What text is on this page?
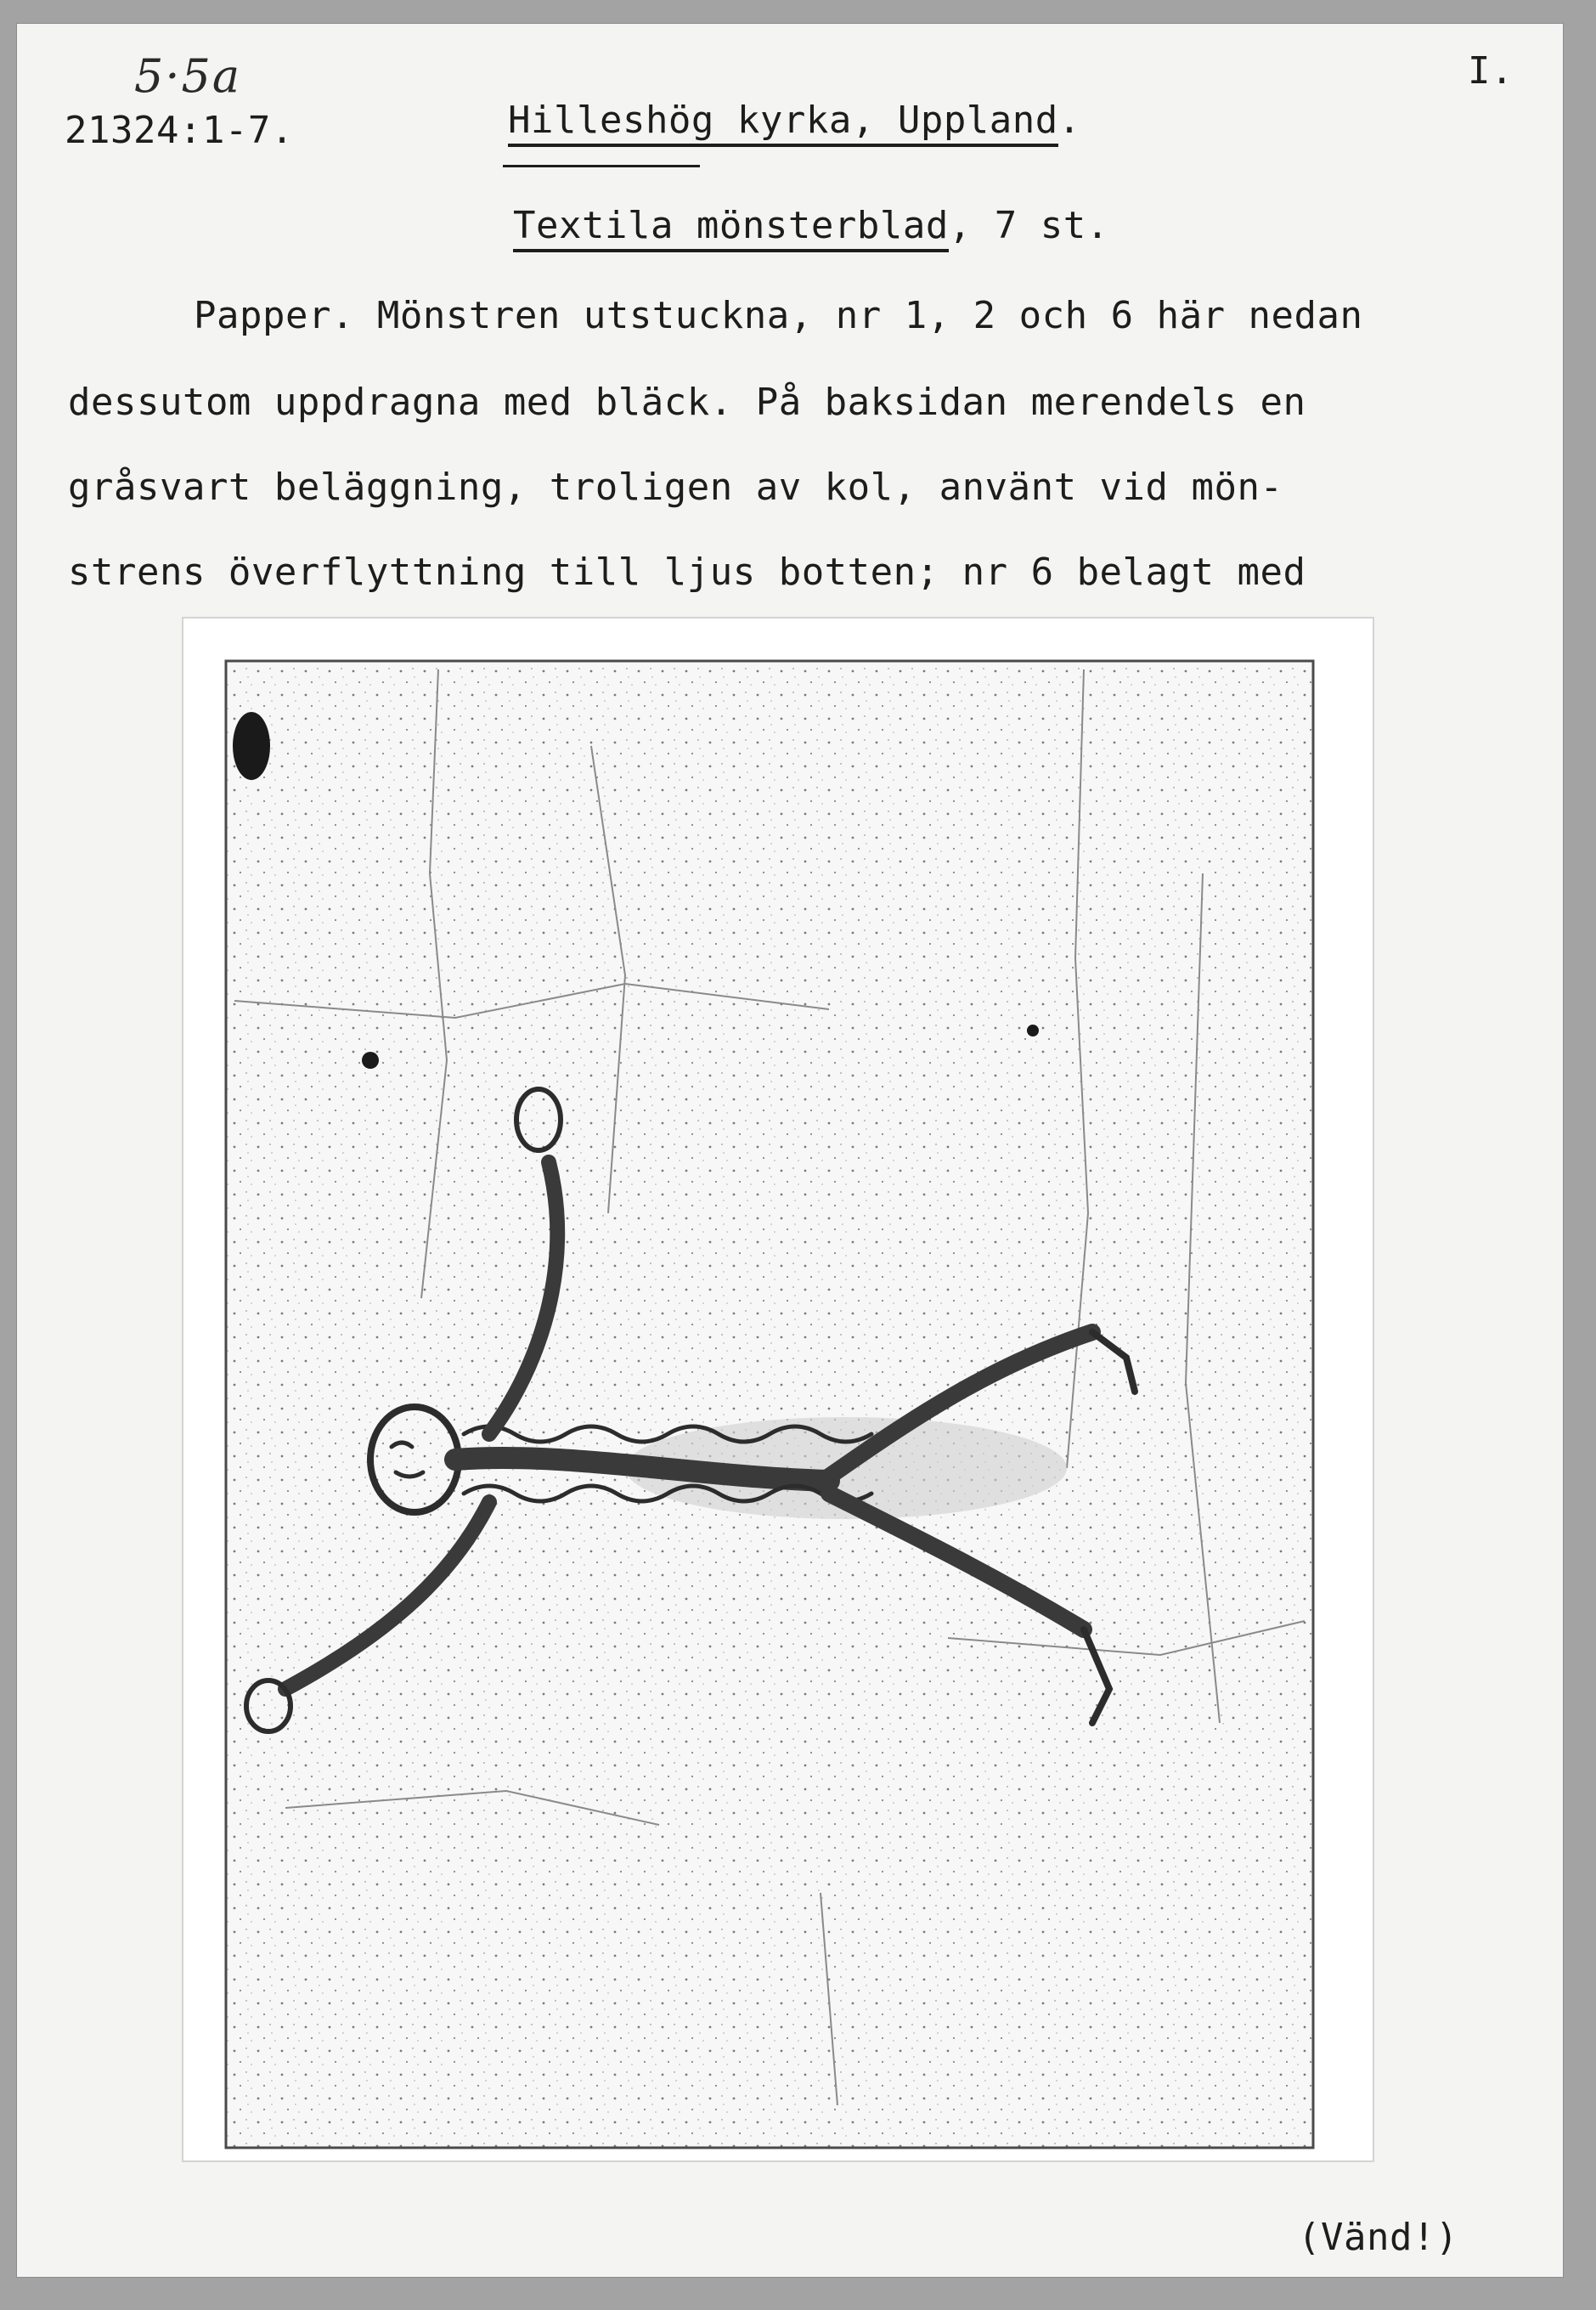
5·5a
21324:1-7.
I.
Hilleshög kyrka, Uppland.
Textila mönsterblad, 7 st.
Papper. Mönstren utstuckna, nr 1, 2 och 6 här nedan
dessutom uppdragna med bläck. På baksidan merendels en
gråsvart beläggning, troligen av kol, använt vid mön-
strens överflyttning till ljus botten; nr 6 belagt med
(Vänd!)
